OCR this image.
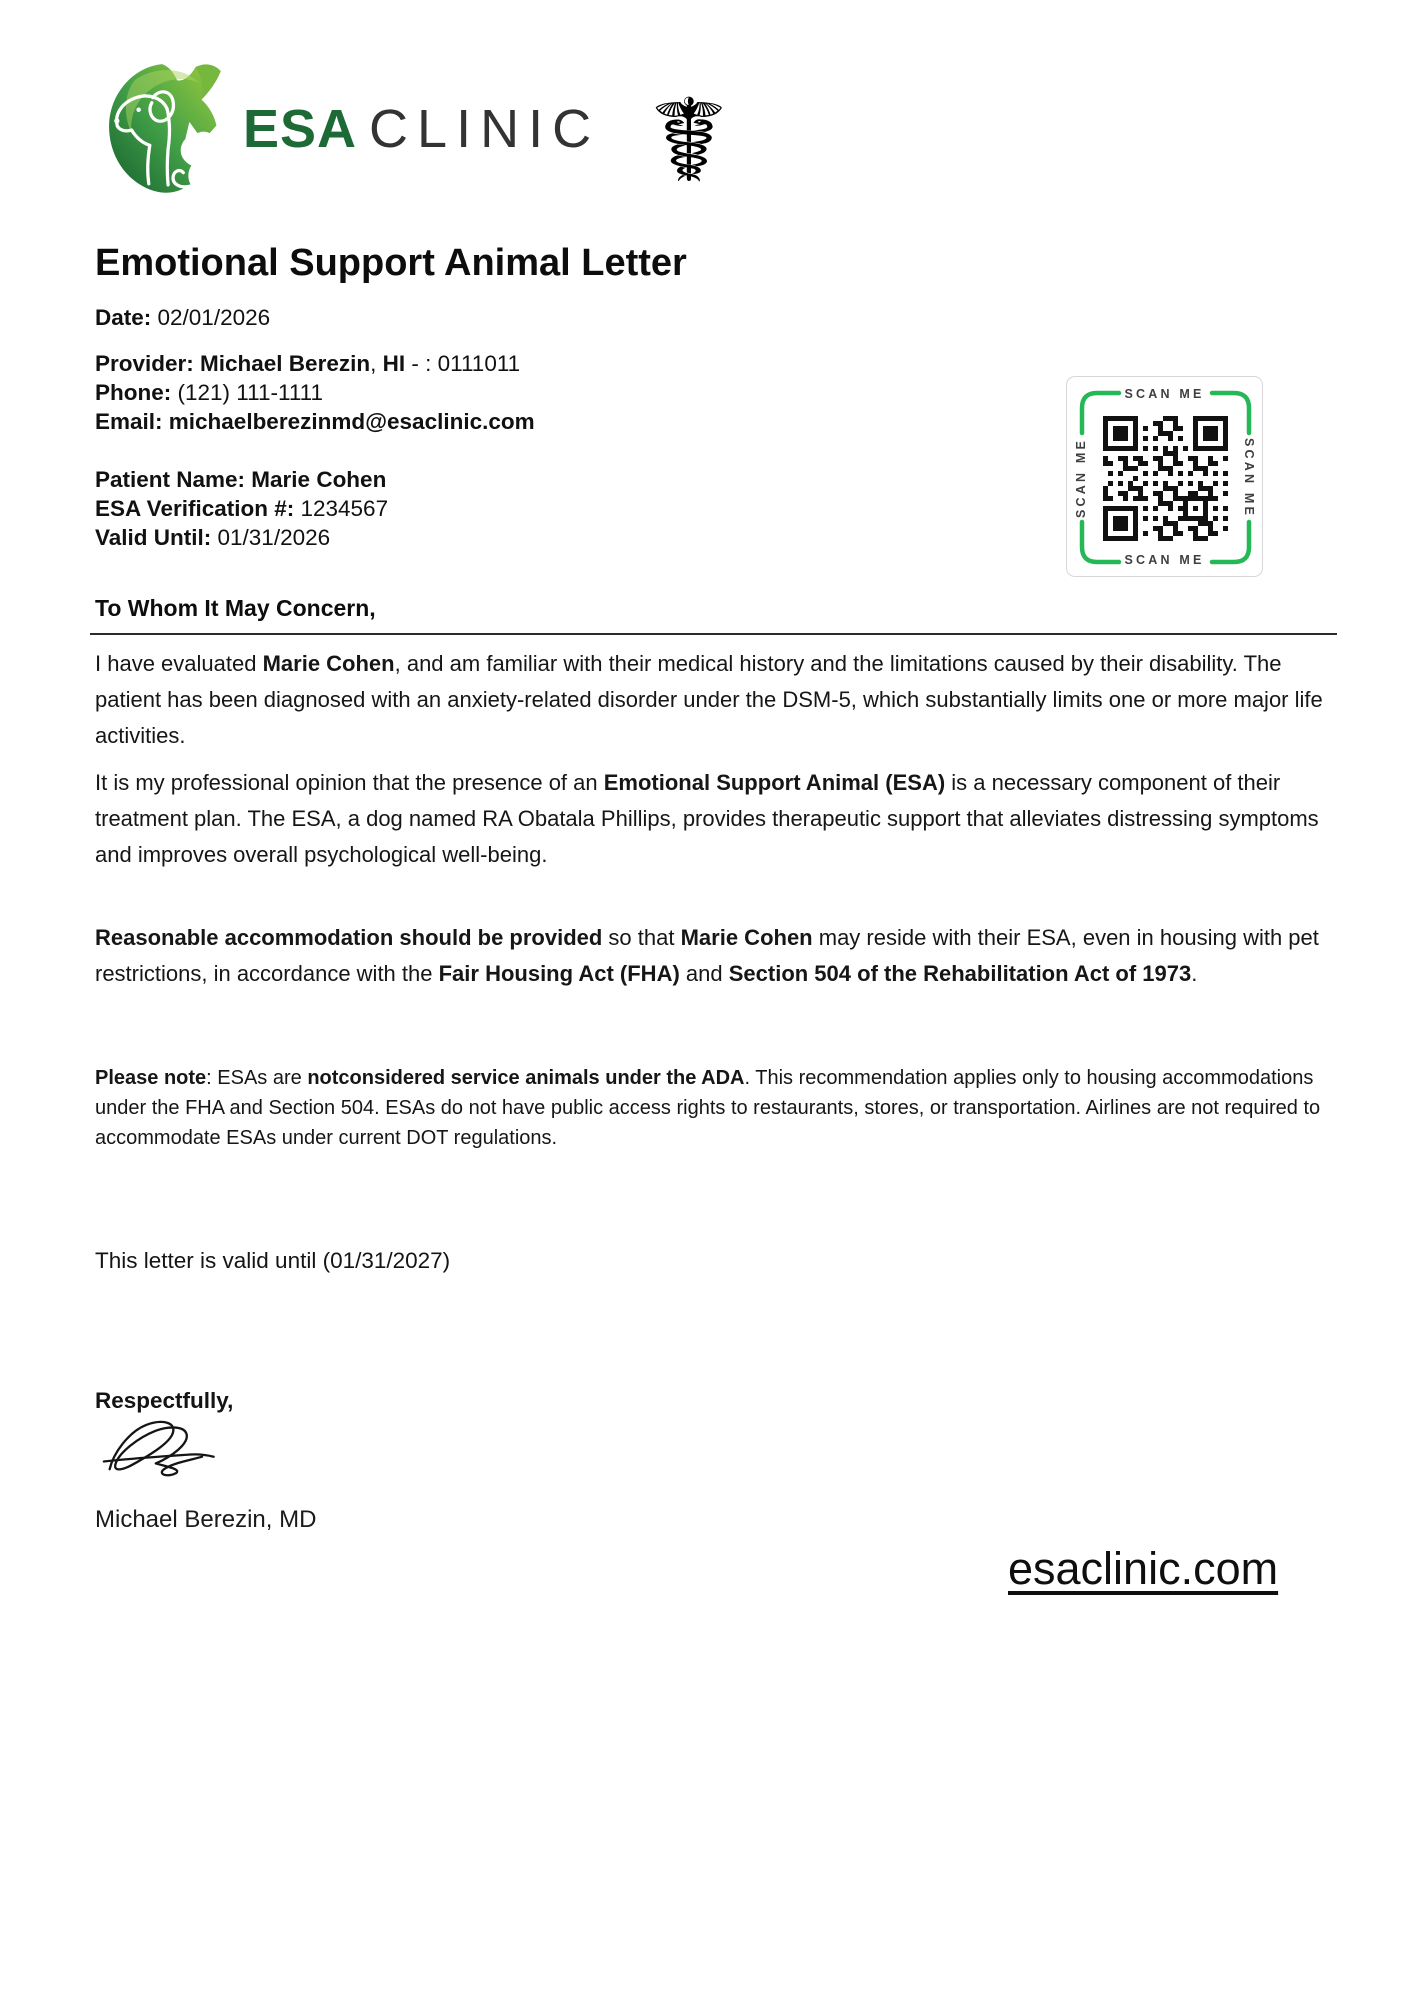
ESA CLINIC ☤
Emotional Support Animal Letter
Date: 02/01/2026
Provider: Michael Berezin, HI - : 0111011
Phone: (121) 111-1111
Email: michaelberezinmd@esaclinic.com
Patient Name: Marie Cohen
ESA Verification #: 1234567
Valid Until: 01/31/2026
SCAN ME
SCAN ME
SCAN ME	SCAN ME
To Whom It May Concern,

I have evaluated Marie Cohen, and am familiar with their medical history and the limitations caused by their disability. The patient has been diagnosed with an anxiety-related disorder under the DSM-5, which substantially limits one or more major life activities.

It is my professional opinion that the presence of an Emotional Support Animal (ESA) is a necessary component of their treatment plan. The ESA, a dog named RA Obatala Phillips, provides therapeutic support that alleviates distressing symptoms and improves overall psychological well-being.

Reasonable accommodation should be provided so that Marie Cohen may reside with their ESA, even in housing with pet restrictions, in accordance with the Fair Housing Act (FHA) and Section 504 of the Rehabilitation Act of 1973.

Please note: ESAs are notconsidered service animals under the ADA. This recommendation applies only to housing accommodations under the FHA and Section 504. ESAs do not have public access rights to restaurants, stores, or transportation. Airlines are not required to accommodate ESAs under current DOT regulations.

This letter is valid until (01/31/2027)
Respectfully,
Michael Berezin, MD
esaclinic.com
